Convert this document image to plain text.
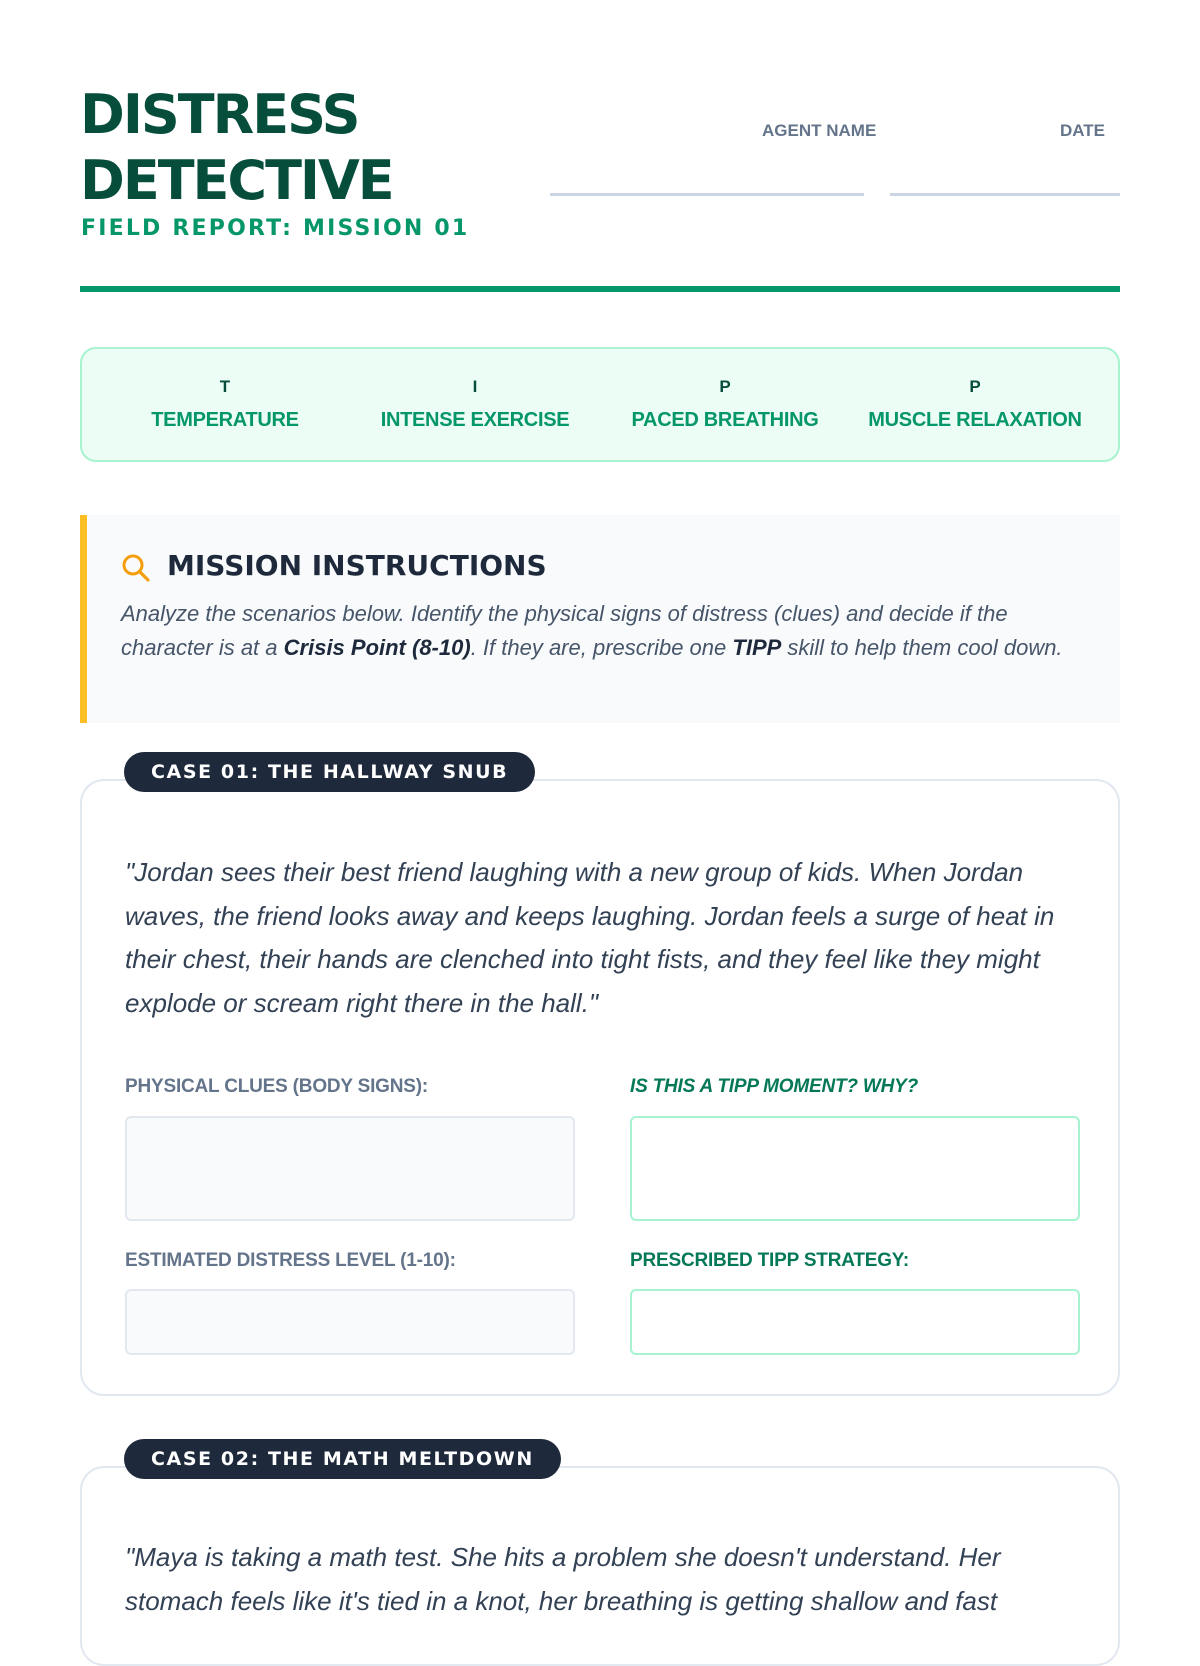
DISTRESS
DETECTIVE
FIELD REPORT: MISSION 01
AGENT NAME	DATE
T
TEMPERATURE
I
INTENSE EXERCISE
P
PACED BREATHING
P
MUSCLE RELAXATION
MISSION INSTRUCTIONS
Analyze the scenarios below. Identify the physical signs of distress (clues) and decide if the character is at a Crisis Point (8-10). If they are, prescribe one TIPP skill to help them cool down.
"Jordan sees their best friend laughing with a new group of kids. When Jordan waves, the friend looks away and keeps laughing. Jordan feels a surge of heat in their chest, their hands are clenched into tight fists, and they feel like they might explode or scream right there in the hall."
PHYSICAL CLUES (BODY SIGNS):	IS THIS A TIPP MOMENT? WHY?
ESTIMATED DISTRESS LEVEL (1-10):	PRESCRIBED TIPP STRATEGY:
CASE 01: THE HALLWAY SNUB
"Maya is taking a math test. She hits a problem she doesn't understand. Her stomach feels like it's tied in a knot, her breathing is getting shallow and fast
CASE 02: THE MATH MELTDOWN
